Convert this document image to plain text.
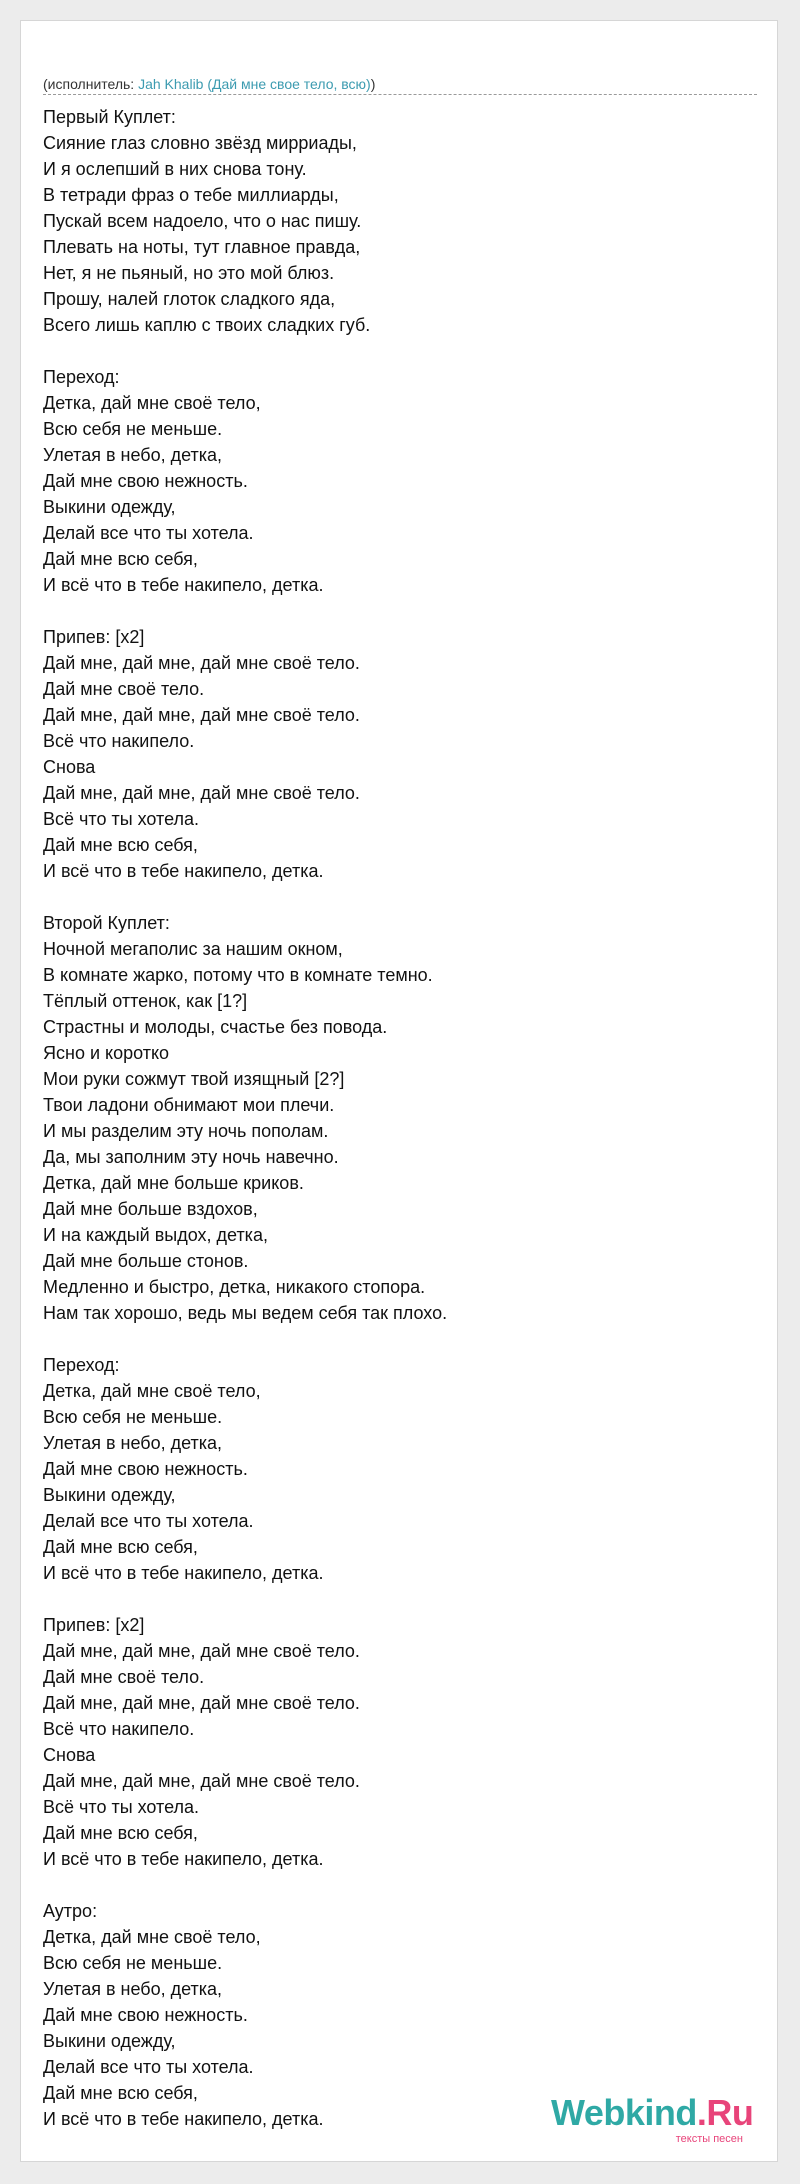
(исполнитель: Jah Khalib (Дай мне свое тело, всю))
Первый Куплет:
Сияние глаз словно звёзд мирриады,
И я ослепший в них снова тону.
В тетради фраз о тебе миллиарды,
Пускай всем надоело, что о нас пишу.
Плевать на ноты, тут главное правда,
Нет, я не пьяный, но это мой блюз.
Прошу, налей глоток сладкого яда,
Всего лишь каплю с твоих сладких губ.
Переход:
Детка, дай мне своё тело,
Всю себя не меньше.
Улетая в небо, детка,
Дай мне свою нежность.
Выкини одежду,
Делай все что ты хотела.
Дай мне всю себя,
И всё что в тебе накипело, детка.
Припев: [x2]
Дай мне, дай мне, дай мне своё тело.
Дай мне своё тело.
Дай мне, дай мне, дай мне своё тело.
Всё что накипело.
Снова
Дай мне, дай мне, дай мне своё тело.
Всё что ты хотела.
Дай мне всю себя,
И всё что в тебе накипело, детка.
Второй Куплет:
Ночной мегаполис за нашим окном,
В комнате жарко, потому что в комнате темно.
Тёплый оттенок, как [1?]
Страстны и молоды, счастье без повода.
Ясно и коротко
Мои руки сожмут твой изящный [2?]
Твои ладони обнимают мои плечи.
И мы разделим эту ночь пополам.
Да, мы заполним эту ночь навечно.
Детка, дай мне больше криков.
Дай мне больше вздохов,
И на каждый выдох, детка,
Дай мне больше стонов.
Медленно и быстро, детка, никакого стопора.
Нам так хорошо, ведь мы ведем себя так плохо.
Переход:
Детка, дай мне своё тело,
Всю себя не меньше.
Улетая в небо, детка,
Дай мне свою нежность.
Выкини одежду,
Делай все что ты хотела.
Дай мне всю себя,
И всё что в тебе накипело, детка.
Припев: [x2]
Дай мне, дай мне, дай мне своё тело.
Дай мне своё тело.
Дай мне, дай мне, дай мне своё тело.
Всё что накипело.
Снова
Дай мне, дай мне, дай мне своё тело.
Всё что ты хотела.
Дай мне всю себя,
И всё что в тебе накипело, детка.
Аутро:
Детка, дай мне своё тело,
Всю себя не меньше.
Улетая в небо, детка,
Дай мне свою нежность.
Выкини одежду,
Делай все что ты хотела.
Дай мне всю себя,
И всё что в тебе накипело, детка.	Webkind.Ru
тексты песен
